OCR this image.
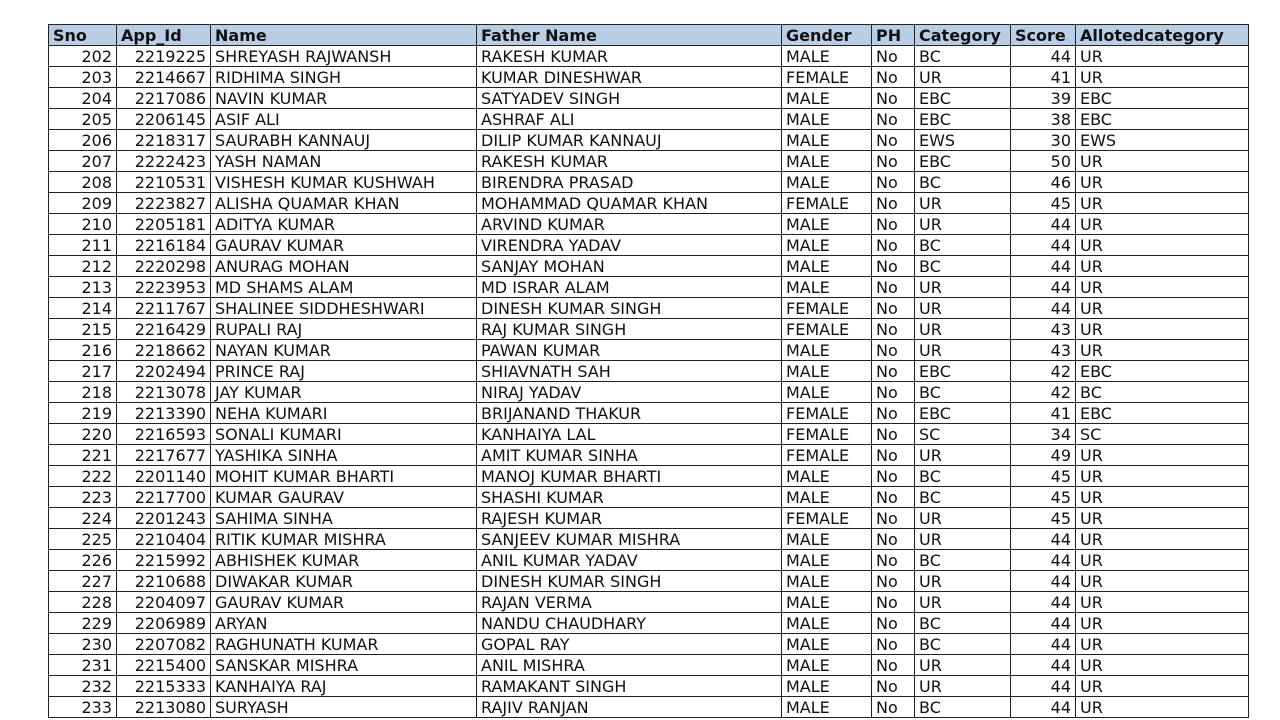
Sno	App_Id	Name	Father Name	Gender	PH	Category	Score	Allotedcategory
202	2219225	SHREYASH RAJWANSH	RAKESH KUMAR	MALE	No	BC	44	UR
203	2214667	RIDHIMA SINGH	KUMAR DINESHWAR	FEMALE	No	UR	41	UR
204	2217086	NAVIN KUMAR	SATYADEV SINGH	MALE	No	EBC	39	EBC
205	2206145	ASIF ALI	ASHRAF ALI	MALE	No	EBC	38	EBC
206	2218317	SAURABH KANNAUJ	DILIP KUMAR KANNAUJ	MALE	No	EWS	30	EWS
207	2222423	YASH NAMAN	RAKESH KUMAR	MALE	No	EBC	50	UR
208	2210531	VISHESH KUMAR KUSHWAH	BIRENDRA PRASAD	MALE	No	BC	46	UR
209	2223827	ALISHA QUAMAR KHAN	MOHAMMAD QUAMAR KHAN	FEMALE	No	UR	45	UR
210	2205181	ADITYA KUMAR	ARVIND KUMAR	MALE	No	UR	44	UR
211	2216184	GAURAV KUMAR	VIRENDRA YADAV	MALE	No	BC	44	UR
212	2220298	ANURAG MOHAN	SANJAY MOHAN	MALE	No	BC	44	UR
213	2223953	MD SHAMS ALAM	MD ISRAR ALAM	MALE	No	UR	44	UR
214	2211767	SHALINEE SIDDHESHWARI	DINESH KUMAR SINGH	FEMALE	No	UR	44	UR
215	2216429	RUPALI RAJ	RAJ KUMAR SINGH	FEMALE	No	UR	43	UR
216	2218662	NAYAN KUMAR	PAWAN KUMAR	MALE	No	UR	43	UR
217	2202494	PRINCE RAJ	SHIAVNATH SAH	MALE	No	EBC	42	EBC
218	2213078	JAY KUMAR	NIRAJ YADAV	MALE	No	BC	42	BC
219	2213390	NEHA KUMARI	BRIJANAND THAKUR	FEMALE	No	EBC	41	EBC
220	2216593	SONALI KUMARI	KANHAIYA LAL	FEMALE	No	SC	34	SC
221	2217677	YASHIKA SINHA	AMIT KUMAR SINHA	FEMALE	No	UR	49	UR
222	2201140	MOHIT KUMAR BHARTI	MANOJ KUMAR BHARTI	MALE	No	BC	45	UR
223	2217700	KUMAR GAURAV	SHASHI KUMAR	MALE	No	BC	45	UR
224	2201243	SAHIMA SINHA	RAJESH KUMAR	FEMALE	No	UR	45	UR
225	2210404	RITIK KUMAR MISHRA	SANJEEV KUMAR MISHRA	MALE	No	UR	44	UR
226	2215992	ABHISHEK KUMAR	ANIL KUMAR YADAV	MALE	No	BC	44	UR
227	2210688	DIWAKAR KUMAR	DINESH KUMAR SINGH	MALE	No	UR	44	UR
228	2204097	GAURAV KUMAR	RAJAN VERMA	MALE	No	UR	44	UR
229	2206989	ARYAN	NANDU CHAUDHARY	MALE	No	BC	44	UR
230	2207082	RAGHUNATH KUMAR	GOPAL RAY	MALE	No	BC	44	UR
231	2215400	SANSKAR MISHRA	ANIL MISHRA	MALE	No	UR	44	UR
232	2215333	KANHAIYA RAJ	RAMAKANT SINGH	MALE	No	UR	44	UR
233	2213080	SURYASH	RAJIV RANJAN	MALE	No	BC	44	UR
